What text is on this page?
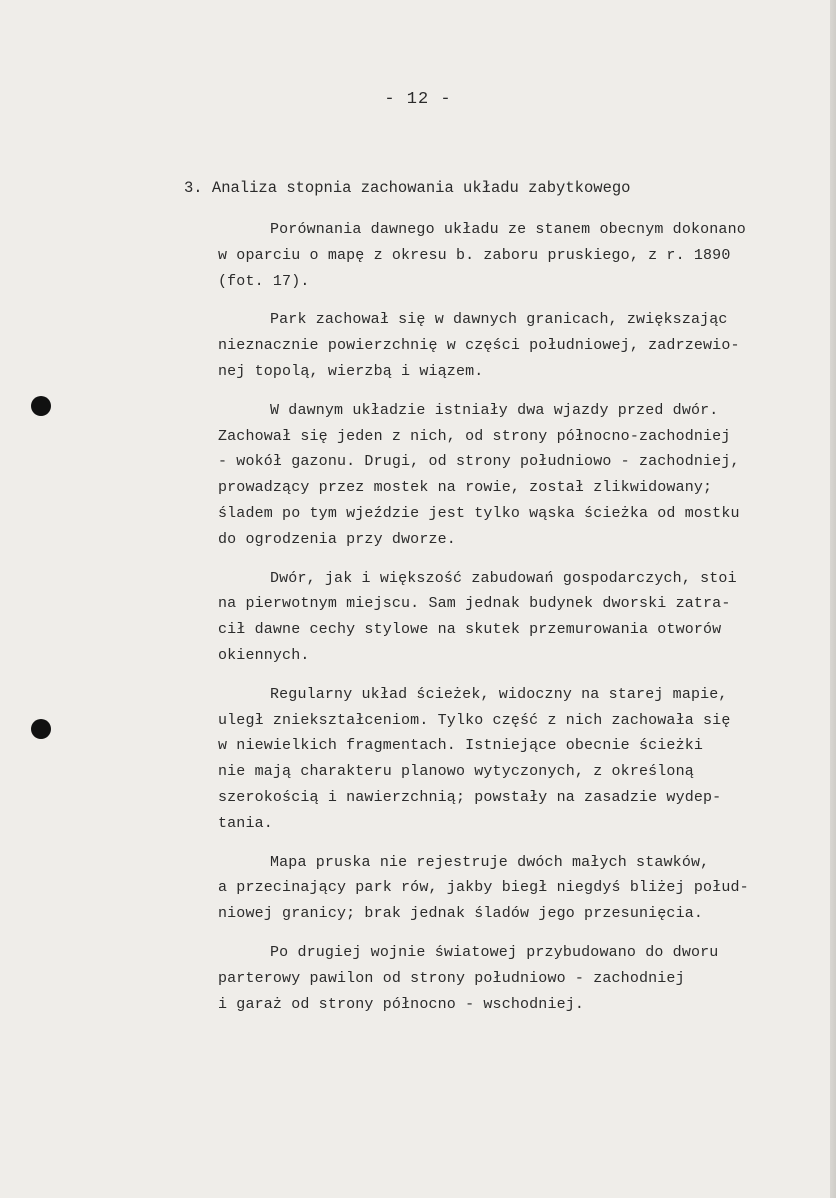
- 12 -
3. Analiza stopnia zachowania układu zabytkowego
Porównania dawnego układu ze stanem obecnym dokonano
w oparciu o mapę z okresu b. zaboru pruskiego, z r. 1890
(fot. 17).
Park zachował się w dawnych granicach, zwiększając
nieznacznie powierzchnię w części południowej, zadrzewio-
nej topolą, wierzbą i wiązem.
W dawnym układzie istniały dwa wjazdy przed dwór.
Zachował się jeden z nich, od strony północno-zachodniej
- wokół gazonu. Drugi, od strony południowo - zachodniej,
prowadzący przez mostek na rowie, został zlikwidowany;
śladem po tym wjeździe jest tylko wąska ścieżka od mostku
do ogrodzenia przy dworze.
Dwór, jak i większość zabudowań gospodarczych, stoi
na pierwotnym miejscu. Sam jednak budynek dworski zatra-
cił dawne cechy stylowe na skutek przemurowania otworów
okiennych.
Regularny układ ścieżek, widoczny na starej mapie,
uległ zniekształceniom. Tylko część z nich zachowała się
w niewielkich fragmentach. Istniejące obecnie ścieżki
nie mają charakteru planowo wytyczonych, z określoną
szerokością i nawierzchnią; powstały na zasadzie wydep-
tania.
Mapa pruska nie rejestruje dwóch małych stawków,
a przecinający park rów, jakby biegł niegdyś bliżej połud-
niowej granicy; brak jednak śladów jego przesunięcia.
Po drugiej wojnie światowej przybudowano do dworu
parterowy pawilon od strony południowo - zachodniej
i garaż od strony północno - wschodniej.
